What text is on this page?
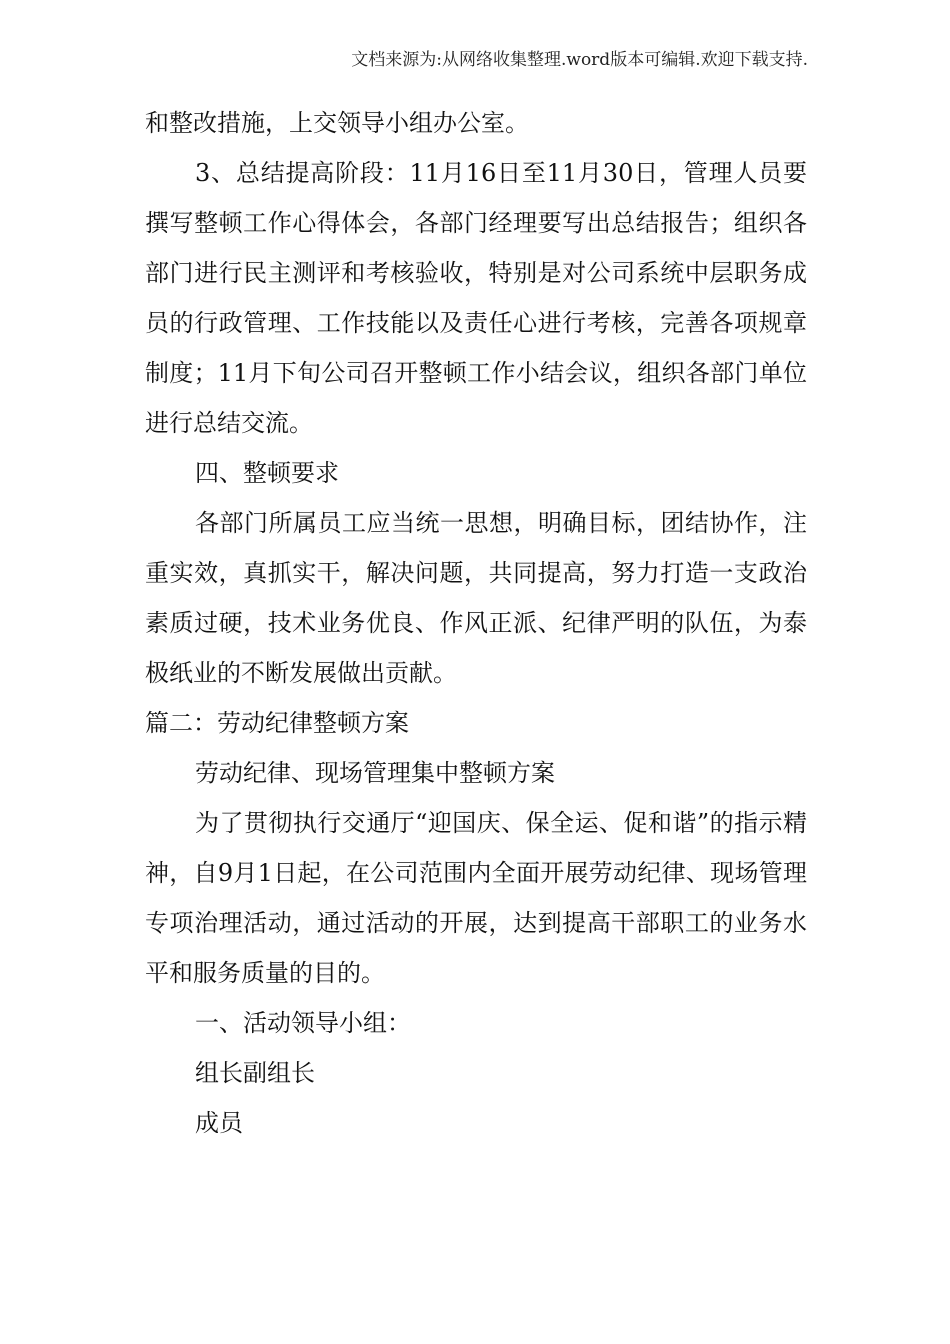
文档来源为:从网络收集整理.word版本可编辑.欢迎下载支持.

和整改措施，上交领导小组办公室。

3、总结提高阶段：11月16日至11月30日，管理人员要撰写整顿工作心得体会，各部门经理要写出总结报告；组织各部门进行民主测评和考核验收，特别是对公司系统中层职务成员的行政管理、工作技能以及责任心进行考核，完善各项规章制度；11月下旬公司召开整顿工作小结会议，组织各部门单位进行总结交流。

四、整顿要求

各部门所属员工应当统一思想，明确目标，团结协作，注重实效，真抓实干，解决问题，共同提高，努力打造一支政治素质过硬，技术业务优良、作风正派、纪律严明的队伍，为泰极纸业的不断发展做出贡献。

篇二：劳动纪律整顿方案

劳动纪律、现场管理集中整顿方案

为了贯彻执行交通厅“迎国庆、保全运、促和谐”的指示精神，自9月1日起，在公司范围内全面开展劳动纪律、现场管理专项治理活动，通过活动的开展，达到提高干部职工的业务水平和服务质量的目的。

一、活动领导小组：

组长副组长

成员
